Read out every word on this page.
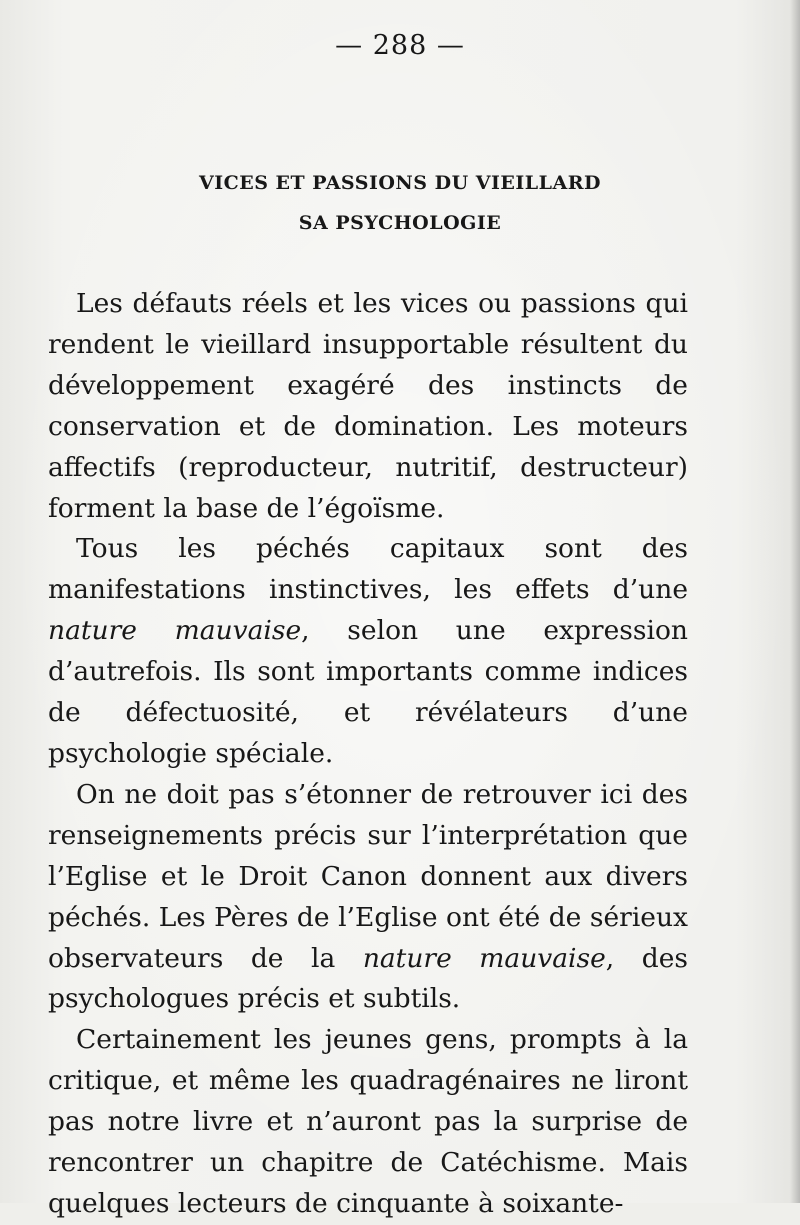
— 288 —
VICES ET PASSIONS DU VIEILLARD
SA PSYCHOLOGIE

Les défauts réels et les vices ou passions qui rendent le vieillard insupportable résultent du développement exagéré des instincts de conservation et de domination. Les moteurs affectifs (reproducteur, nutritif, destructeur) forment la base de l’égoïsme.

Tous les péchés capitaux sont des manifestations instinctives, les effets d’une nature mauvaise, selon une expression d’autrefois. Ils sont importants comme indices de défectuosité, et révélateurs d’une psychologie spéciale.

On ne doit pas s’étonner de retrouver ici des renseignements précis sur l’interprétation que l’Eglise et le Droit Canon donnent aux divers péchés. Les Pères de l’Eglise ont été de sérieux observateurs de la nature mauvaise, des psychologues précis et subtils.

Certainement les jeunes gens, prompts à la critique, et même les quadragénaires ne liront pas notre livre et n’auront pas la surprise de rencontrer un chapitre de Catéchisme. Mais quelques lecteurs de cinquante à soixante-
